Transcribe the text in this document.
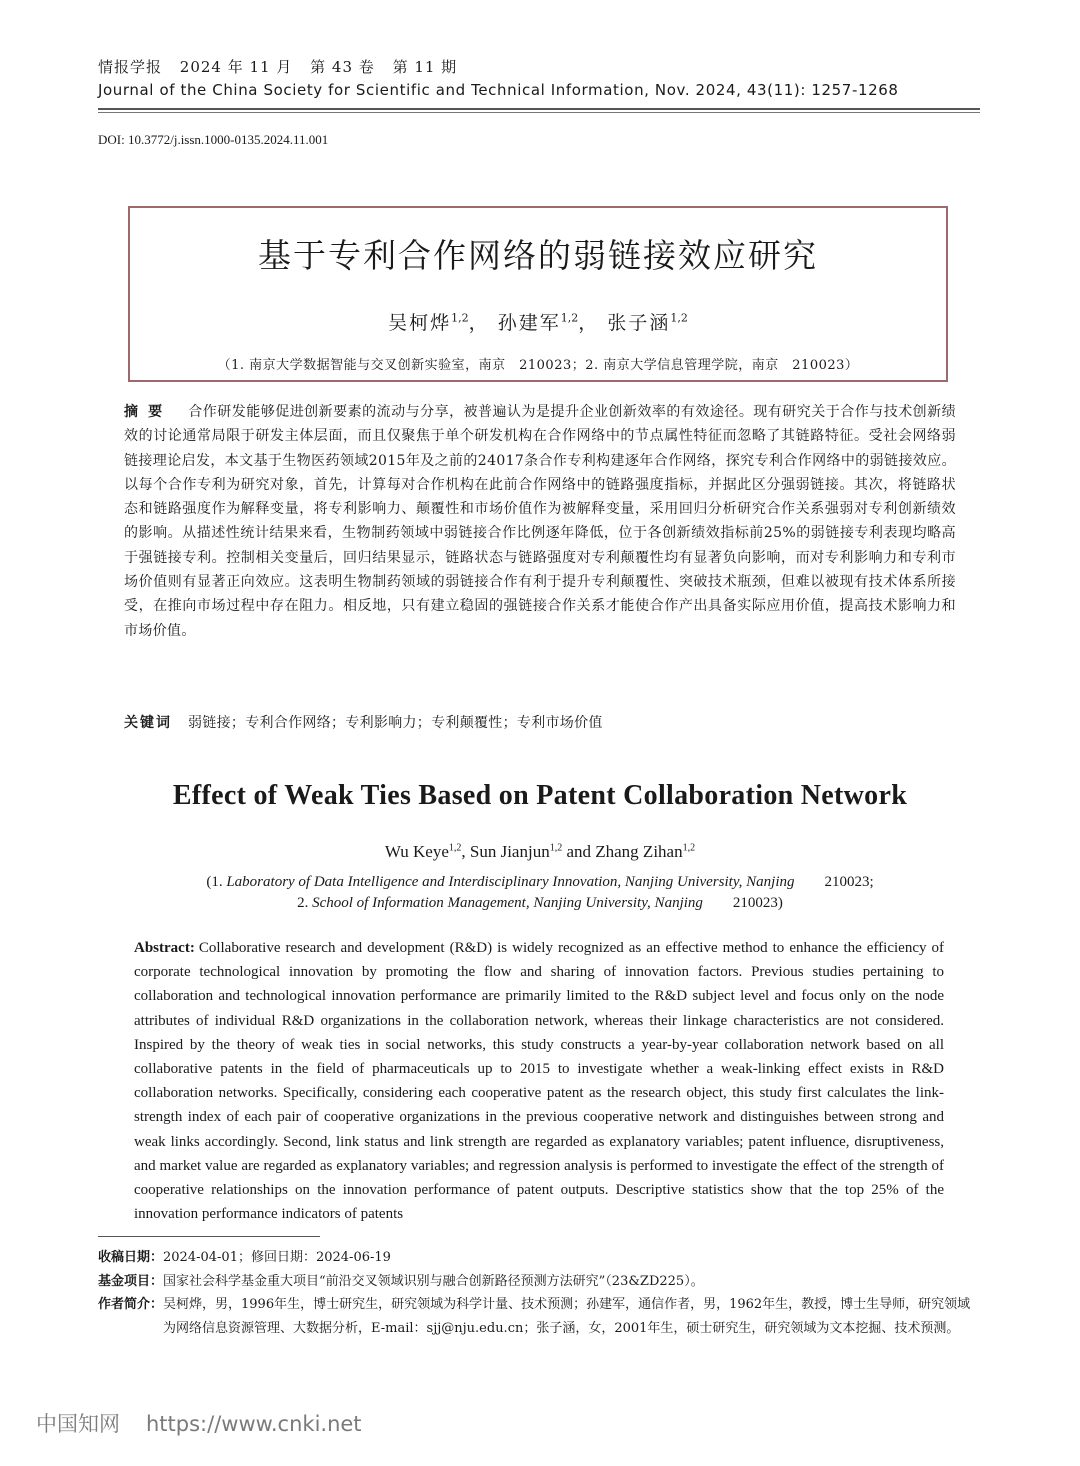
情报学报 2024 年 11 月 第 43 卷 第 11 期
Journal of the China Society for Scientific and Technical Information, Nov. 2024, 43(11): 1257-1268
DOI: 10.3772/j.issn.1000-0135.2024.11.001
基于专利合作网络的弱链接效应研究
吴柯烨$^{1,2}$， 孙建军$^{1,2}$， 张子涵$^{1,2}$
（1. 南京大学数据智能与交叉创新实验室，南京　210023；2. 南京大学信息管理学院，南京　210023）
摘要 合作研发能够促进创新要素的流动与分享，被普遍认为是提升企业创新效率的有效途径。现有研究关于合作与技术创新绩效的讨论通常局限于研发主体层面，而且仅聚焦于单个研发机构在合作网络中的节点属性特征而忽略了其链路特征。受社会网络弱链接理论启发，本文基于生物医药领域2015年及之前的24017条合作专利构建逐年合作网络，探究专利合作网络中的弱链接效应。以每个合作专利为研究对象，首先，计算每对合作机构在此前合作网络中的链路强度指标，并据此区分强弱链接。其次，将链路状态和链路强度作为解释变量，将专利影响力、颠覆性和市场价值作为被解释变量，采用回归分析研究合作关系强弱对专利创新绩效的影响。从描述性统计结果来看，生物制药领域中弱链接合作比例逐年降低，位于各创新绩效指标前25%的弱链接专利表现均略高于强链接专利。控制相关变量后，回归结果显示，链路状态与链路强度对专利颠覆性均有显著负向影响，而对专利影响力和专利市场价值则有显著正向效应。这表明生物制药领域的弱链接合作有利于提升专利颠覆性、突破技术瓶颈，但难以被现有技术体系所接受，在推向市场过程中存在阻力。相反地，只有建立稳固的强链接合作关系才能使合作产出具备实际应用价值，提高技术影响力和市场价值。
关键词 弱链接；专利合作网络；专利影响力；专利颠覆性；专利市场价值
Effect of Weak Ties Based on Patent Collaboration Network
Wu Keye$^{1,2}$, Sun Jianjun$^{1,2}$ and Zhang Zihan$^{1,2}$
(1. Laboratory of Data Intelligence and Interdisciplinary Innovation, Nanjing University, Nanjing 210023;
2. School of Information Management, Nanjing University, Nanjing 210023)
Abstract: Collaborative research and development (R&D) is widely recognized as an effective method to enhance the efficiency of corporate technological innovation by promoting the flow and sharing of innovation factors. Previous studies pertaining to collaboration and technological innovation performance are primarily limited to the R&D subject level and focus only on the node attributes of individual R&D organizations in the collaboration network, whereas their linkage characteristics are not considered. Inspired by the theory of weak ties in social networks, this study constructs a year-by-year collaboration network based on all collaborative patents in the field of pharmaceuticals up to 2015 to investigate whether a weak-linking effect exists in R&D collaboration networks. Specifically, considering each cooperative patent as the research object, this study first calculates the link-strength index of each pair of cooperative organizations in the previous cooperative network and distinguishes between strong and weak links accordingly. Second, link status and link strength are regarded as explanatory variables; patent influence, disruptiveness, and market value are regarded as explanatory variables; and regression analysis is performed to investigate the effect of the strength of cooperative relationships on the innovation performance of patent outputs. Descriptive statistics show that the top 25% of the innovation performance indicators of patents
收稿日期： 2024-04-01；修回日期：2024-06-19
基金项目： 国家社会科学基金重大项目“前沿交叉领域识别与融合创新路径预测方法研究”（23&ZD225）。
作者简介： 吴柯烨，男，1996年生，博士研究生，研究领域为科学计量、技术预测；孙建军，通信作者，男，1962年生，教授，博士生导师，研究领域为网络信息资源管理、大数据分析，E-mail：sjj@nju.edu.cn；张子涵，女，2001年生，硕士研究生，研究领域为文本挖掘、技术预测。
中国知网 https://www.cnki.net
